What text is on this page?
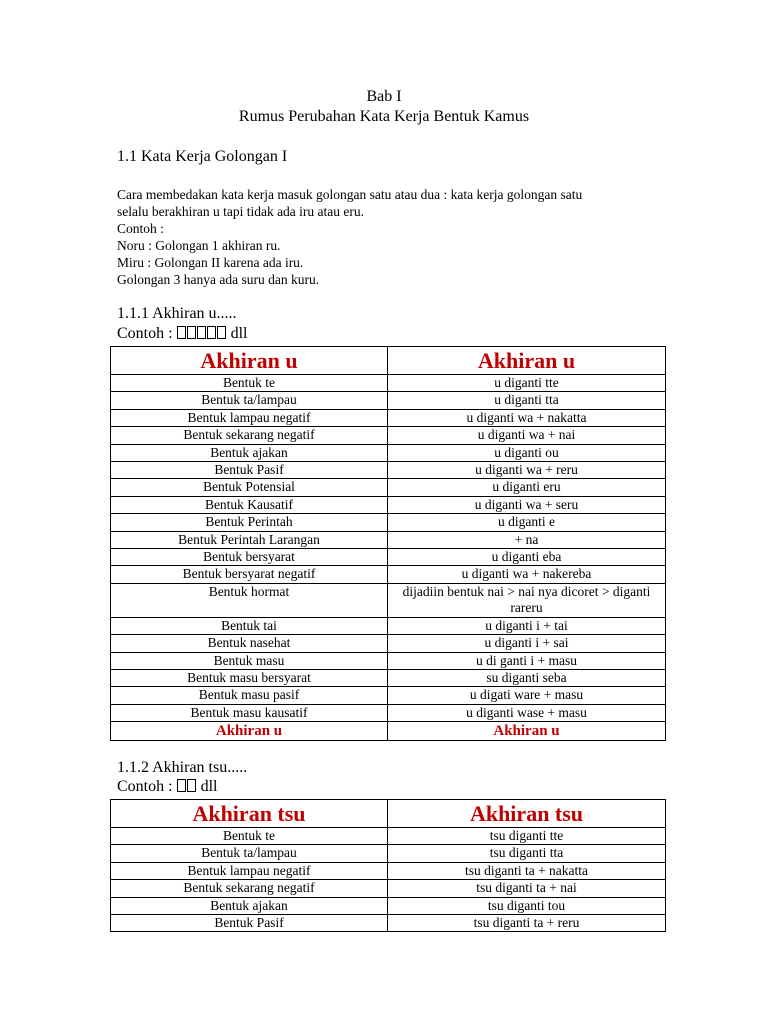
Bab I
Rumus Perubahan Kata Kerja Bentuk Kamus
1.1 Kata Kerja Golongan I
Cara membedakan kata kerja masuk golongan satu atau dua : kata kerja golongan satu
selalu berakhiran u tapi tidak ada iru atau eru.
Contoh :
Noru : Golongan 1 akhiran ru.
Miru : Golongan II karena ada iru.
Golongan 3 hanya ada suru dan kuru.
1.1.1 Akhiran u.....
Contoh :	dll
Akhiran u	Akhiran u
Bentuk te	u diganti tte
Bentuk ta/lampau	u diganti tta
Bentuk lampau negatif	u diganti wa + nakatta
Bentuk sekarang negatif	u diganti wa + nai
Bentuk ajakan	u diganti ou
Bentuk Pasif	u diganti wa + reru
Bentuk Potensial	u diganti eru
Bentuk Kausatif	u diganti wa + seru
Bentuk Perintah	u diganti e
Bentuk Perintah Larangan	+ na
Bentuk bersyarat	u diganti eba
Bentuk bersyarat negatif	u diganti wa + nakereba
Bentuk hormat	dijadiin bentuk nai > nai nya dicoret > diganti rareru
Bentuk tai	u diganti i + tai
Bentuk nasehat	u diganti i + sai
Bentuk masu	u di ganti i + masu
Bentuk masu bersyarat	su diganti seba
Bentuk masu pasif	u digati ware + masu
Bentuk masu kausatif	u diganti wase + masu
Akhiran u	Akhiran u
1.1.2 Akhiran tsu.....
Contoh : dll
Akhiran tsu	Akhiran tsu
Bentuk te	tsu diganti tte
Bentuk ta/lampau	tsu diganti tta
Bentuk lampau negatif	tsu diganti ta + nakatta
Bentuk sekarang negatif	tsu diganti ta + nai
Bentuk ajakan	tsu diganti tou
Bentuk Pasif	tsu diganti ta + reru
